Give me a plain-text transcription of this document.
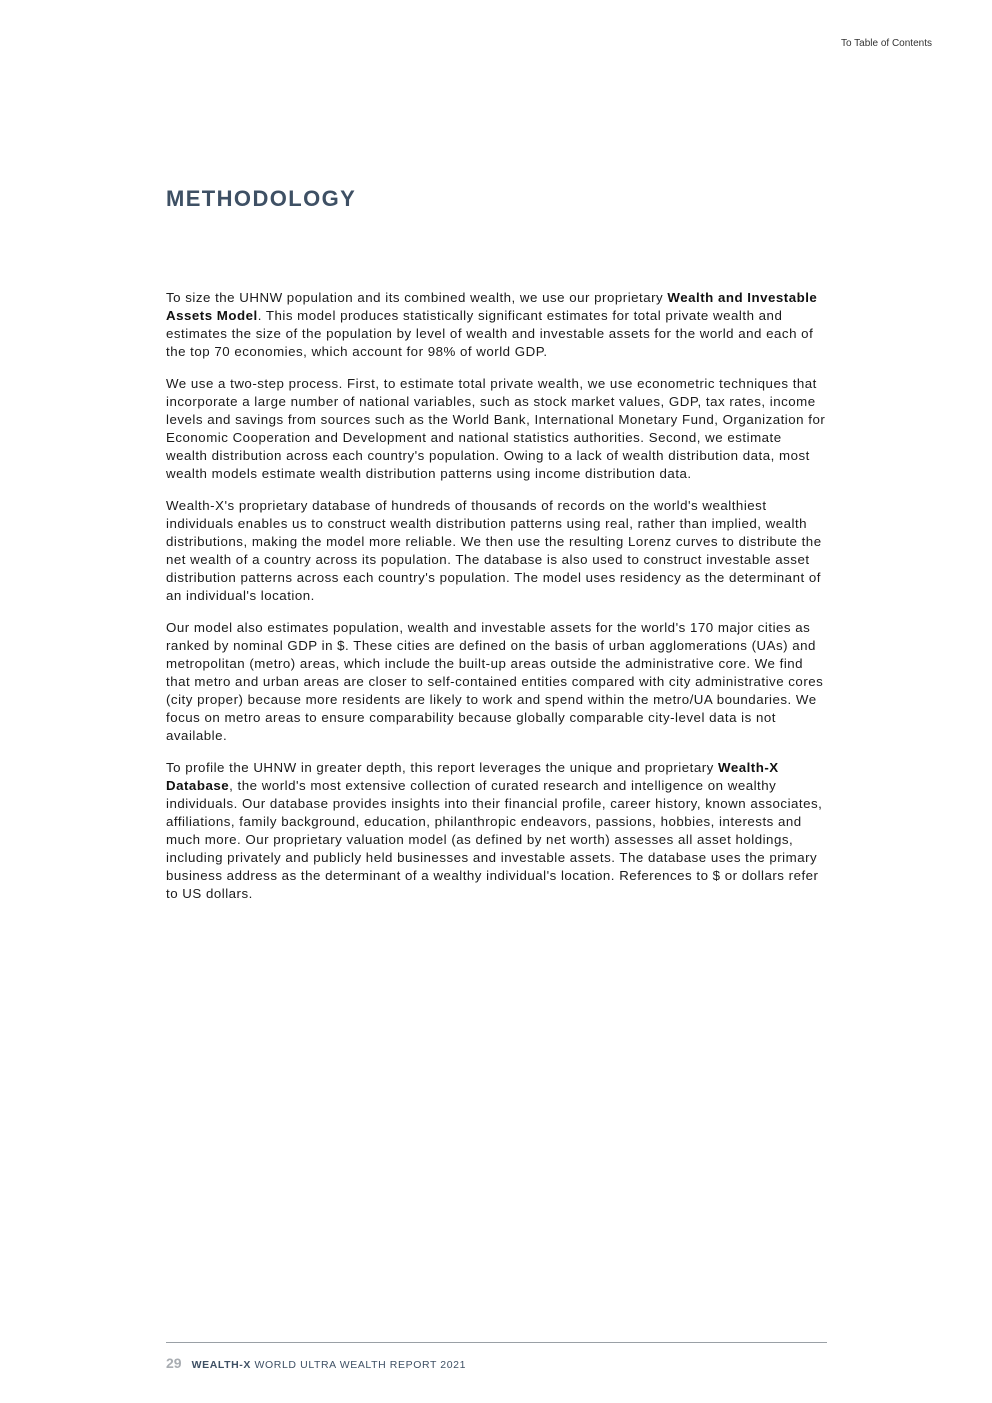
To Table of Contents
METHODOLOGY

To size the UHNW population and its combined wealth, we use our proprietary Wealth and Investable Assets Model. This model produces statistically significant estimates for total private wealth and estimates the size of the population by level of wealth and investable assets for the world and each of the top 70 economies, which account for 98% of world GDP.

We use a two-step process. First, to estimate total private wealth, we use econometric techniques that incorporate a large number of national variables, such as stock market values, GDP, tax rates, income levels and savings from sources such as the World Bank, International Monetary Fund, Organization for Economic Cooperation and Development and national statistics authorities. Second, we estimate wealth distribution across each country's population. Owing to a lack of wealth distribution data, most wealth models estimate wealth distribution patterns using income distribution data.

Wealth-X's proprietary database of hundreds of thousands of records on the world's wealthiest individuals enables us to construct wealth distribution patterns using real, rather than implied, wealth distributions, making the model more reliable. We then use the resulting Lorenz curves to distribute the net wealth of a country across its population. The database is also used to construct investable asset distribution patterns across each country's population. The model uses residency as the determinant of an individual's location.

Our model also estimates population, wealth and investable assets for the world's 170 major cities as ranked by nominal GDP in $. These cities are defined on the basis of urban agglomerations (UAs) and metropolitan (metro) areas, which include the built-up areas outside the administrative core. We find that metro and urban areas are closer to self-contained entities compared with city administrative cores (city proper) because more residents are likely to work and spend within the metro/UA boundaries. We focus on metro areas to ensure comparability because globally comparable city-level data is not available.

To profile the UHNW in greater depth, this report leverages the unique and proprietary Wealth-X Database, the world's most extensive collection of curated research and intelligence on wealthy individuals. Our database provides insights into their financial profile, career history, known associates, affiliations, family background, education, philanthropic endeavors, passions, hobbies, interests and much more. Our proprietary valuation model (as defined by net worth) assesses all asset holdings, including privately and publicly held businesses and investable assets. The database uses the primary business address as the determinant of a wealthy individual's location. References to $ or dollars refer to US dollars.

29 WEALTH-X WORLD ULTRA WEALTH REPORT 2021
